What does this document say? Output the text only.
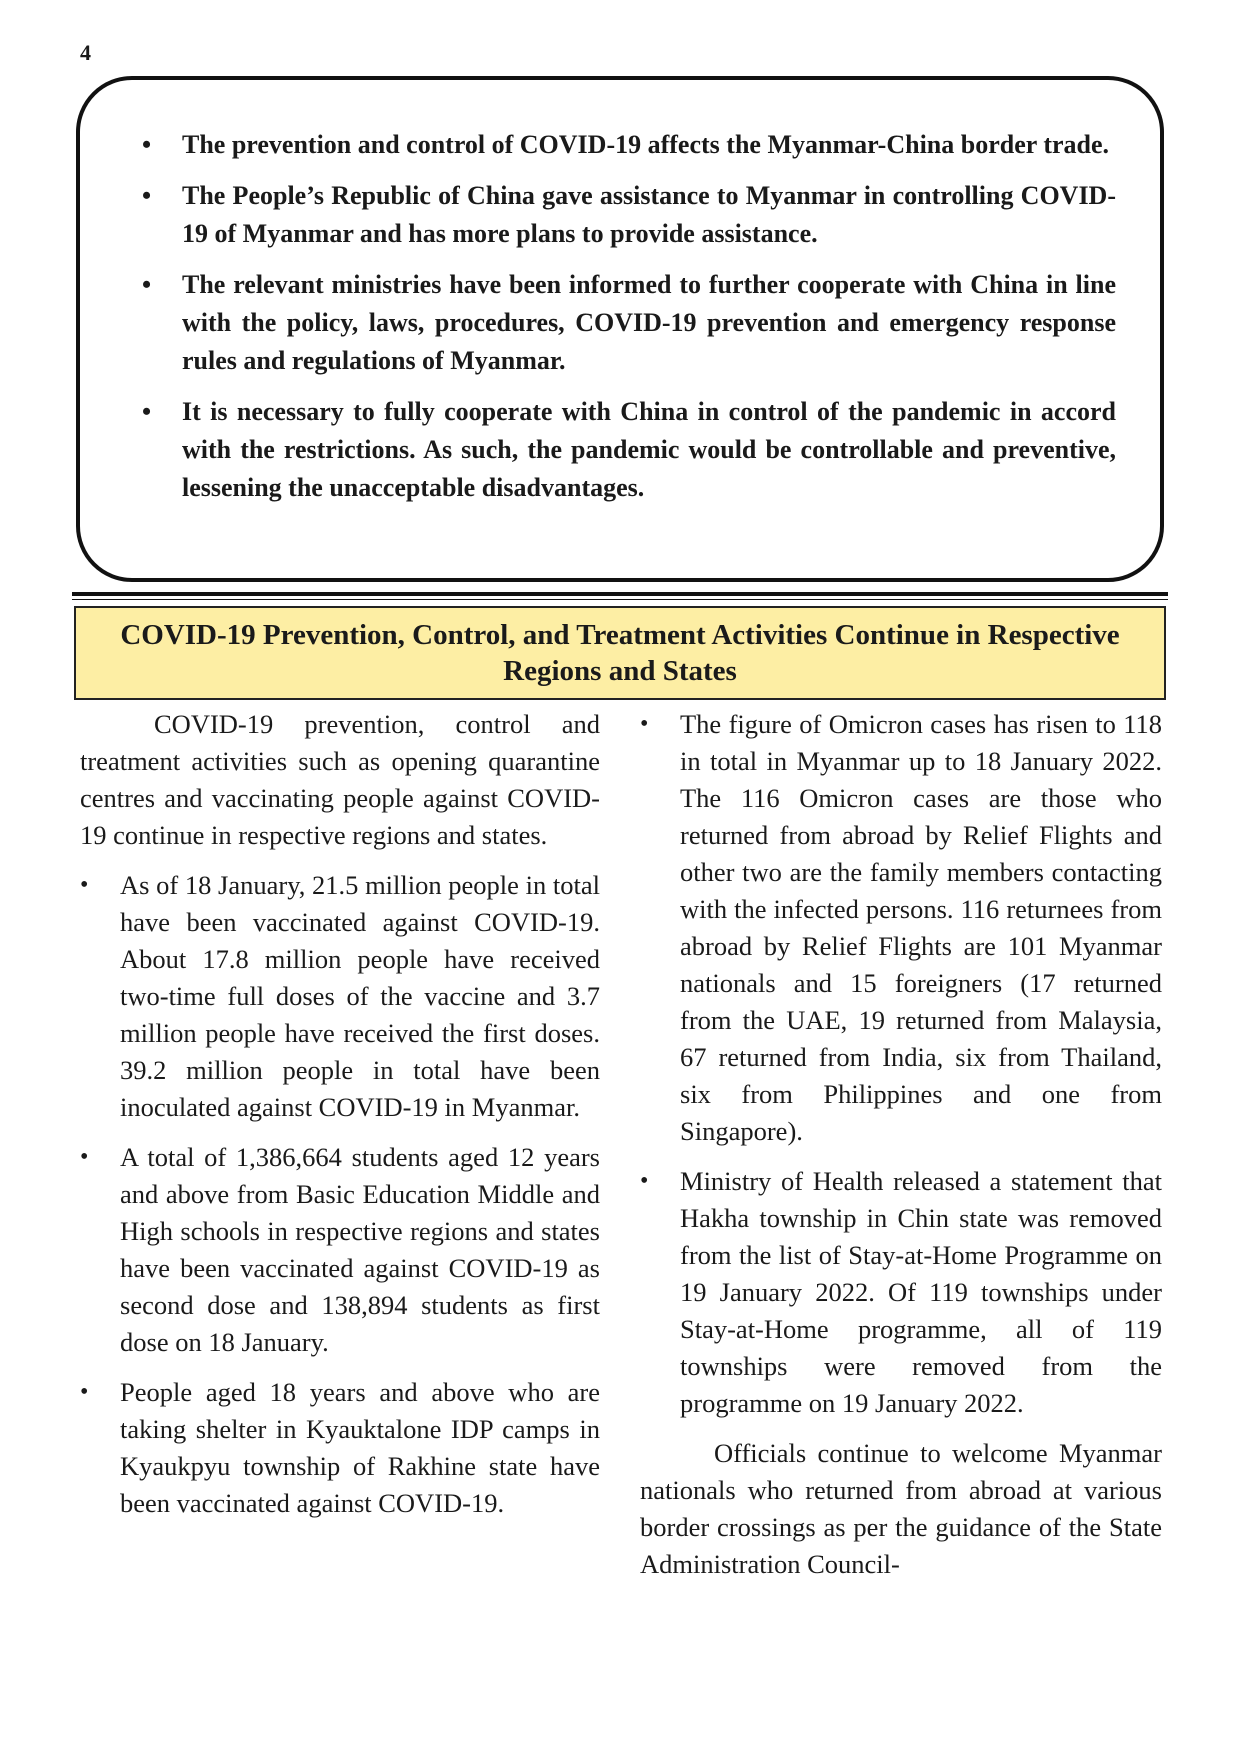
4
• The prevention and control of COVID-19 affects the Myanmar-China border trade.
• The People’s Republic of China gave assistance to Myanmar in controlling COVID-19 of Myanmar and has more plans to provide assistance.
• The relevant ministries have been informed to further cooperate with China in line with the policy, laws, procedures, COVID-19 prevention and emergency response rules and regulations of Myanmar.
• It is necessary to fully cooperate with China in control of the pandemic in accord with the restrictions. As such, the pandemic would be controllable and preventive, lessening the unacceptable disadvantages.
COVID-19 Prevention, Control, and Treatment Activities Continue in Respective Regions and States

COVID-19 prevention, control and treatment activities such as opening quarantine centres and vaccinating people against COVID-19 continue in respective regions and states.

• As of 18 January, 21.5 million people in total have been vaccinated against COVID-19. About 17.8 million people have received two-time full doses of the vaccine and 3.7 million people have received the first doses. 39.2 million people in total have been inoculated against COVID-19 in Myanmar.
• A total of 1,386,664 students aged 12 years and above from Basic Education Middle and High schools in respective regions and states have been vaccinated against COVID-19 as second dose and 138,894 students as first dose on 18 January.
• People aged 18 years and above who are taking shelter in Kyauktalone IDP camps in Kyaukpyu township of Rakhine state have been vaccinated against COVID-19.
• The figure of Omicron cases has risen to 118 in total in Myanmar up to 18 January 2022. The 116 Omicron cases are those who returned from abroad by Relief Flights and other two are the family members contacting with the infected persons. 116 returnees from abroad by Relief Flights are 101 Myanmar nationals and 15 foreigners (17 returned from the UAE, 19 returned from Malaysia, 67 returned from India, six from Thailand, six from Philippines and one from Singapore).
• Ministry of Health released a statement that Hakha township in Chin state was removed from the list of Stay-at-Home Programme on 19 January 2022. Of 119 townships under Stay-at-Home programme, all of 119 townships were removed from the programme on 19 January 2022.

Officials continue to welcome Myanmar nationals who returned from abroad at various border crossings as per the guidance of the State Administration Council-
